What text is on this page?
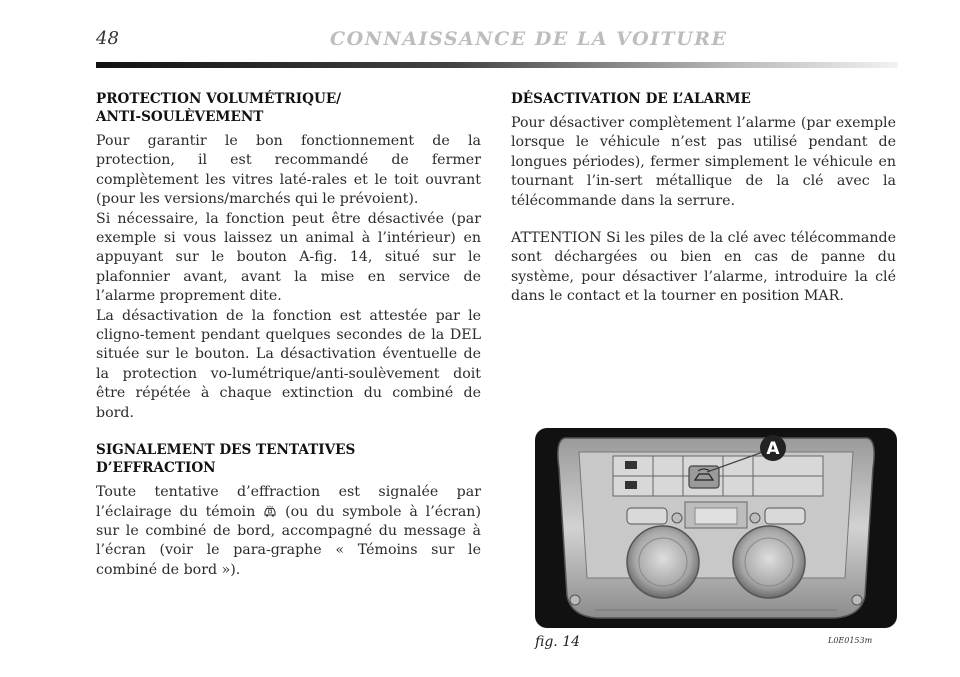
48	CONNAISSANCE DE LA VOITURE
PROTECTION VOLUMÉTRIQUE/
ANTI-SOULÈVEMENT

Pour garantir le bon fonctionnement de la protection, il est recommandé de fermer complètement les vitres laté-rales et le toit ouvrant (pour les versions/marchés qui le prévoient).

Si nécessaire, la fonction peut être désactivée (par exemple si vous laissez un animal à l’intérieur) en appuyant sur le bouton A-fig. 14, situé sur le plafonnier avant, avant la mise en service de l’alarme proprement dite.

La désactivation de la fonction est attestée par le cligno-tement pendant quelques secondes de la DEL située sur le bouton. La désactivation éventuelle de la protection vo-lumétrique/anti-soulèvement doit être répétée à chaque extinction du combiné de bord.

SIGNALEMENT DES TENTATIVES
D’EFFRACTION

Toute tentative d’effraction est signalée par l’éclairage du témoin (ou du symbole à l’écran) sur le combiné de bord, accompagné du message à l’écran (voir le para-graphe « Témoins sur le combiné de bord »).

DÉSACTIVATION DE L’ALARME

Pour désactiver complètement l’alarme (par exemple lorsque le véhicule n’est pas utilisé pendant de longues périodes), fermer simplement le véhicule en tournant l’in-sert métallique de la clé avec la télécommande dans la serrure.

ATTENTION Si les piles de la clé avec télécommande sont déchargées ou bien en cas de panne du système, pour désactiver l’alarme, introduire la clé dans le contact et la tourner en position MAR.

A
fig. 14	L0E0153m
